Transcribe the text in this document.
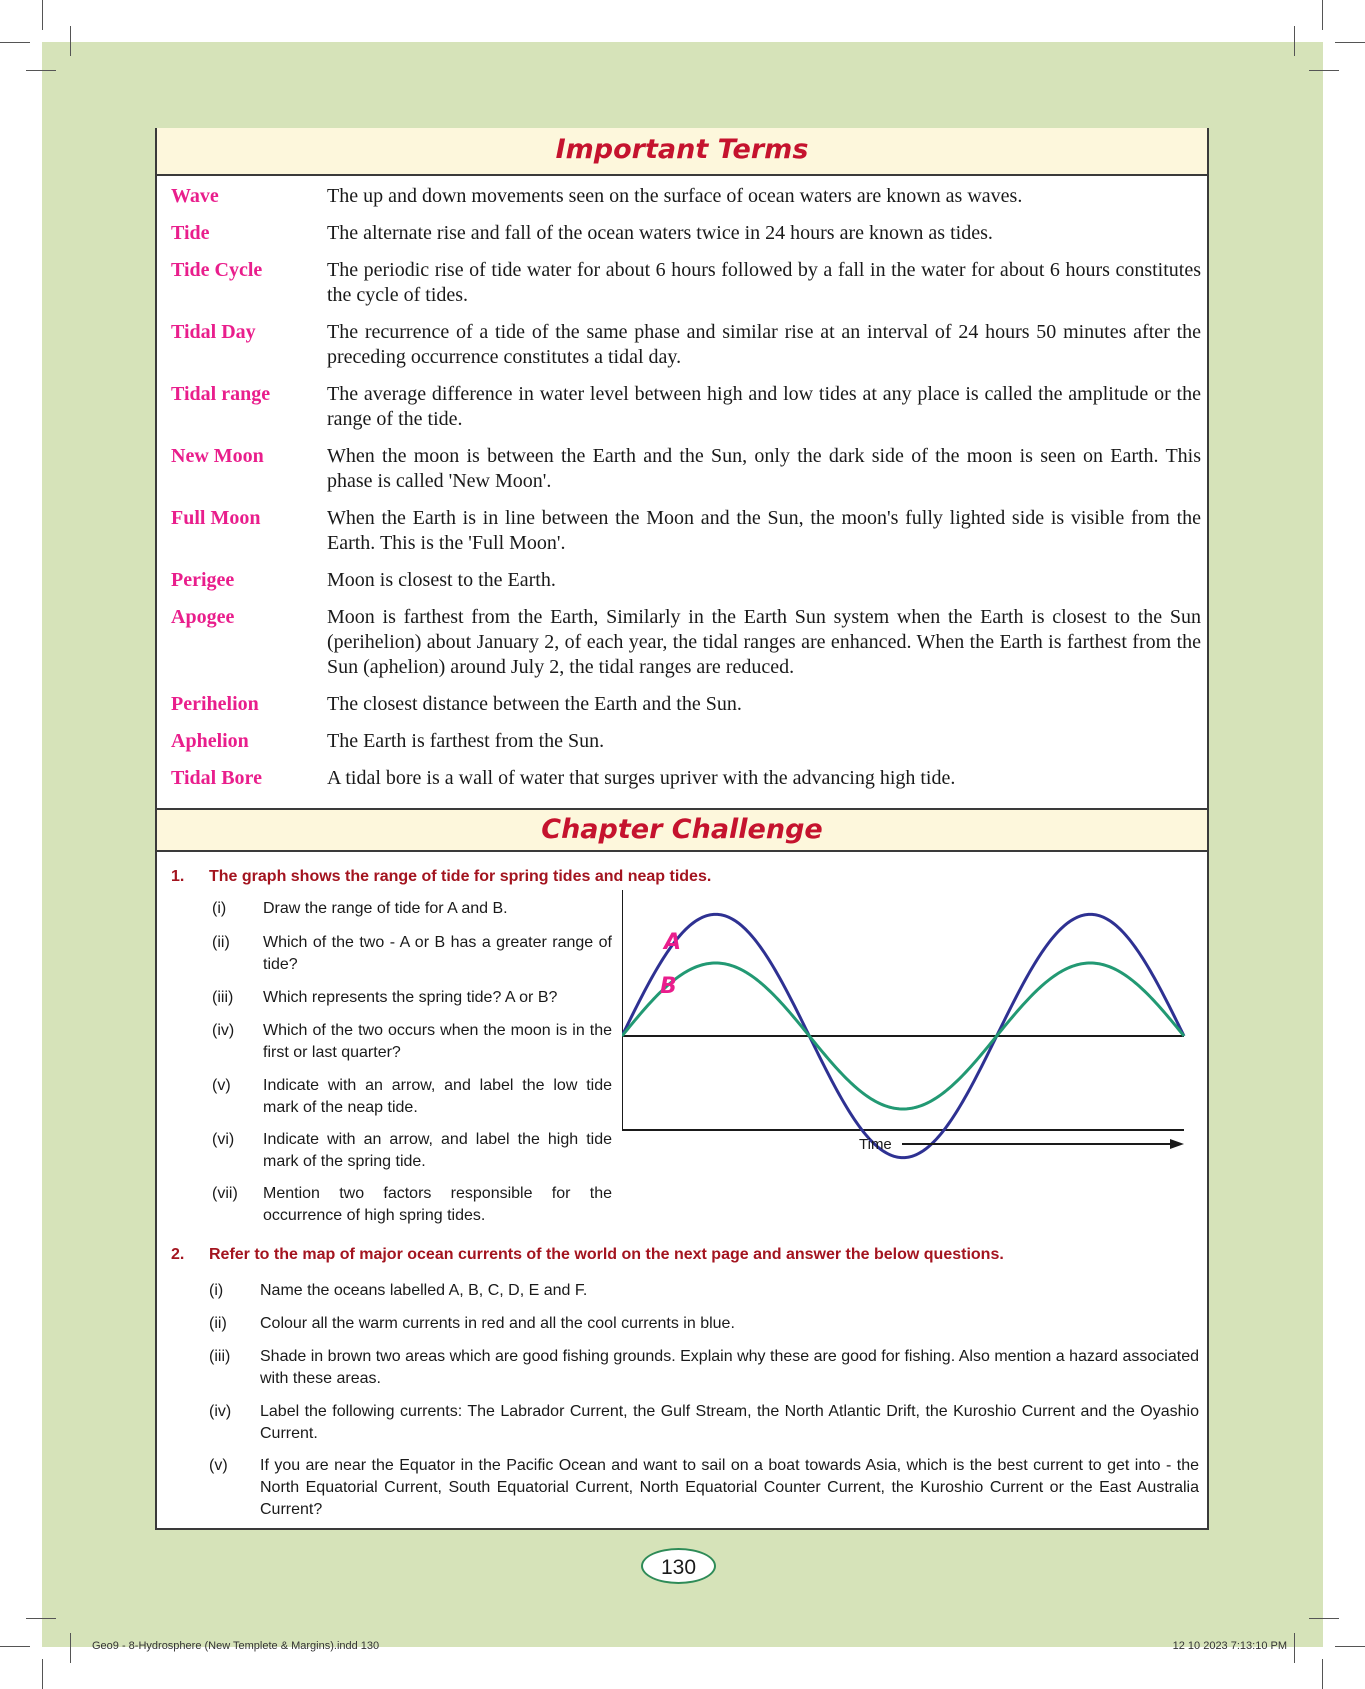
Important Terms
Wave	The up and down movements seen on the surface of ocean waters are known as waves.
Tide	The alternate rise and fall of the ocean waters twice in 24 hours are known as tides.
Tide Cycle	The periodic rise of tide water for about 6 hours followed by a fall in the water for about 6 hours constitutes the cycle of tides.
Tidal Day	The recurrence of a tide of the same phase and similar rise at an interval of 24 hours 50 minutes after the preceding occurrence constitutes a tidal day.
Tidal range	The average difference in water level between high and low tides at any place is called the amplitude or the range of the tide.
New Moon	When the moon is between the Earth and the Sun, only the dark side of the moon is seen on Earth. This phase is called 'New Moon'.
Full Moon	When the Earth is in line between the Moon and the Sun, the moon's fully lighted side is visible from the Earth. This is the 'Full Moon'.
Perigee	Moon is closest to the Earth.
Apogee	Moon is farthest from the Earth, Similarly in the Earth Sun system when the Earth is closest to the Sun (perihelion) about January 2, of each year, the tidal ranges are enhanced. When the Earth is farthest from the Sun (aphelion) around July 2, the tidal ranges are reduced.
Perihelion	The closest distance between the Earth and the Sun.
Aphelion	The Earth is farthest from the Sun.
Tidal Bore	A tidal bore is a wall of water that surges upriver with the advancing high tide.
Chapter Challenge
1. The graph shows the range of tide for spring tides and neap tides.
(i)	Draw the range of tide for A and B.
(ii)	Which of the two - A or B has a greater range of tide?
(iii)	Which represents the spring tide? A or B?
(iv)	Which of the two occurs when the moon is in the first or last quarter?
(v)	Indicate with an arrow, and label the low tide mark of the neap tide.
(vi)	Indicate with an arrow, and label the high tide mark of the spring tide.
(vii)	Mention two factors responsible for the occurrence of high spring tides.
A
B
Time
2. Refer to the map of major ocean currents of the world on the next page and answer the below questions.
(i)	Name the oceans labelled A, B, C, D, E and F.
(ii)	Colour all the warm currents in red and all the cool currents in blue.
(iii)	Shade in brown two areas which are good fishing grounds. Explain why these are good for fishing. Also mention a hazard associated with these areas.
(iv)	Label the following currents: The Labrador Current, the Gulf Stream, the North Atlantic Drift, the Kuroshio Current and the Oyashio Current.
(v)	If you are near the Equator in the Pacific Ocean and want to sail on a boat towards Asia, which is the best current to get into - the North Equatorial Current, South Equatorial Current, North Equatorial Counter Current, the Kuroshio Current or the East Australia Current?
130
Geo9 - 8-Hydrosphere (New Templete & Margins).indd 130	12 10 2023 7:13:10 PM
